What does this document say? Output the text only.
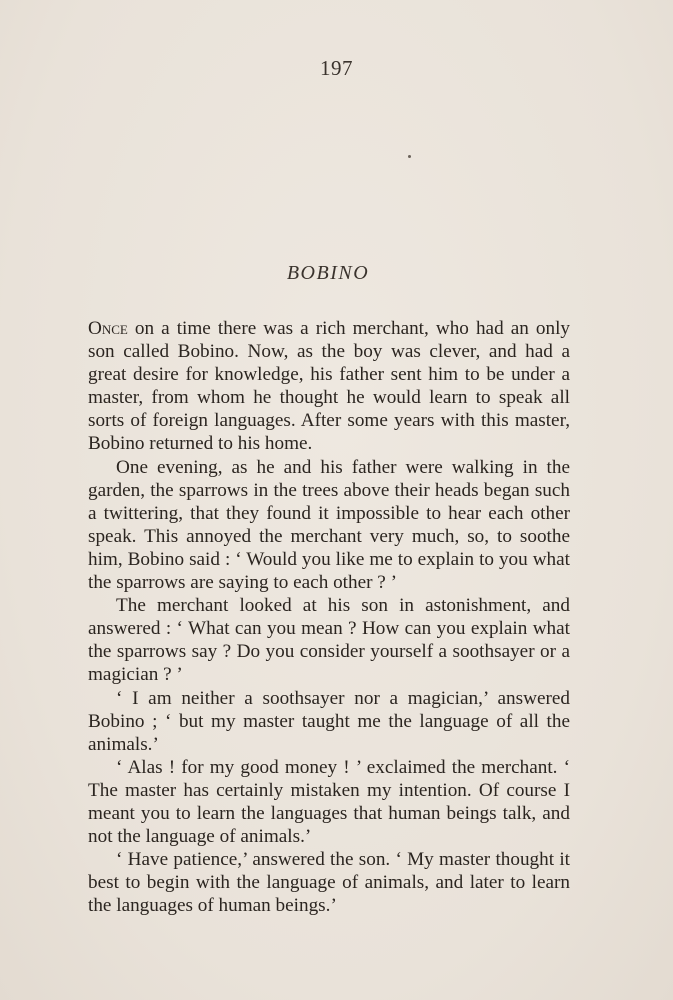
197
BOBINO

Once on a time there was a rich merchant, who had an only son called Bobino. Now, as the boy was clever, and had a great desire for knowledge, his father sent him to be under a master, from whom he thought he would learn to speak all sorts of foreign languages. After some years with this master, Bobino returned to his home.

One evening, as he and his father were walking in the garden, the sparrows in the trees above their heads began such a twittering, that they found it impossible to hear each other speak. This annoyed the merchant very much, so, to soothe him, Bobino said : ‘ Would you like me to explain to you what the sparrows are saying to each other ? ’

The merchant looked at his son in astonishment, and answered : ‘ What can you mean ? How can you explain what the sparrows say ? Do you consider yourself a soothsayer or a magician ? ’

‘ I am neither a soothsayer nor a magician,’ answered Bobino ; ‘ but my master taught me the language of all the animals.’

‘ Alas ! for my good money ! ’ exclaimed the merchant. ‘ The master has certainly mistaken my intention. Of course I meant you to learn the languages that human beings talk, and not the language of animals.’

‘ Have patience,’ answered the son. ‘ My master thought it best to begin with the language of animals, and later to learn the languages of human beings.’
